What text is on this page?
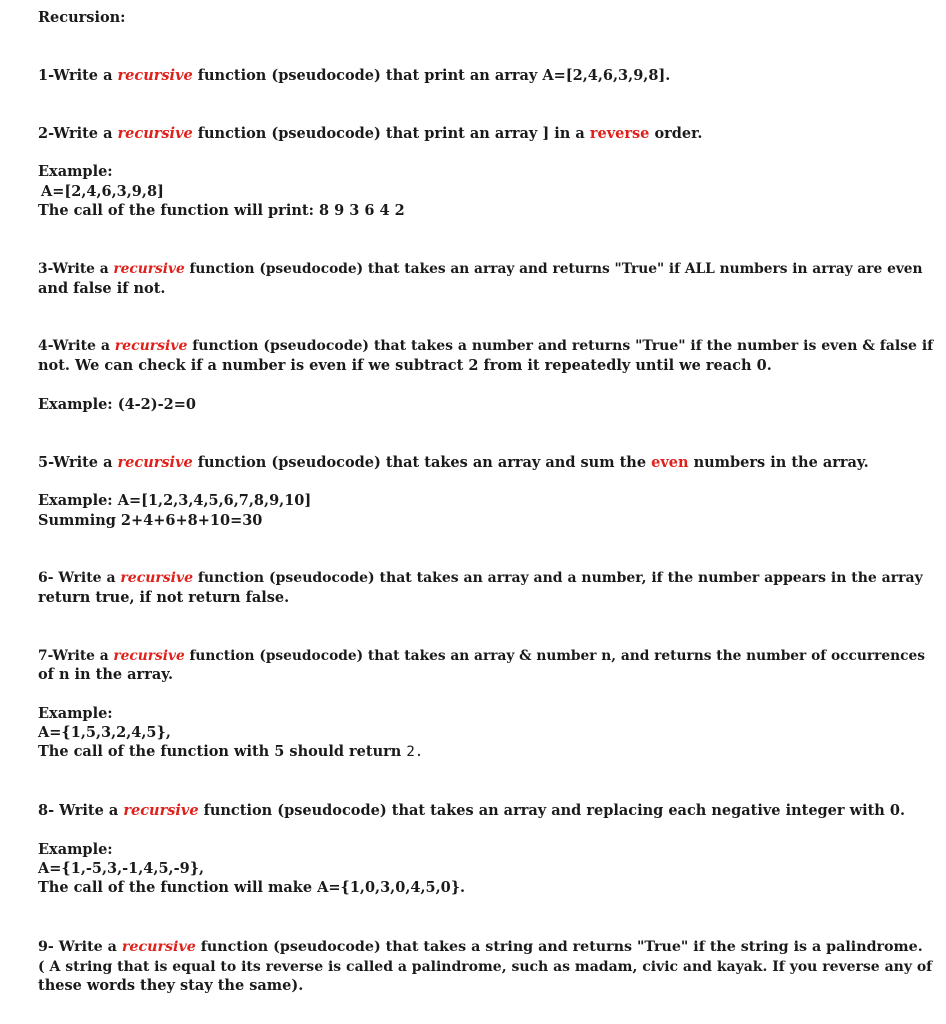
Recursion:
1-Write a recursive function (pseudocode) that print an array A=[2,4,6,3,9,8].
2-Write a recursive function (pseudocode) that print an array ] in a reverse order.
Example:
A=[2,4,6,3,9,8]
The call of the function will print: 8 9 3 6 4 2
3-Write a recursive function (pseudocode) that takes an array and returns "True" if ALL numbers in array are even
and false if not.
4-Write a recursive function (pseudocode) that takes a number and returns "True" if the number is even & false if
not. We can check if a number is even if we subtract 2 from it repeatedly until we reach 0.
Example: (4-2)-2=0
5-Write a recursive function (pseudocode) that takes an array and sum the even numbers in the array.
Example: A=[1,2,3,4,5,6,7,8,9,10]
Summing 2+4+6+8+10=30
6- Write a recursive function (pseudocode) that takes an array and a number, if the number appears in the array
return true, if not return false.
7-Write a recursive function (pseudocode) that takes an array & number n, and returns the number of occurrences
of n in the array.
Example:
A={1,5,3,2,4,5},
The call of the function with 5 should return 2.
8- Write a recursive function (pseudocode) that takes an array and replacing each negative integer with 0.
Example:
A={1,-5,3,-1,4,5,-9},
The call of the function will make A={1,0,3,0,4,5,0}.
9- Write a recursive function (pseudocode) that takes a string and returns "True" if the string is a palindrome.
( A string that is equal to its reverse is called a palindrome, such as madam, civic and kayak. If you reverse any of
these words they stay the same).
